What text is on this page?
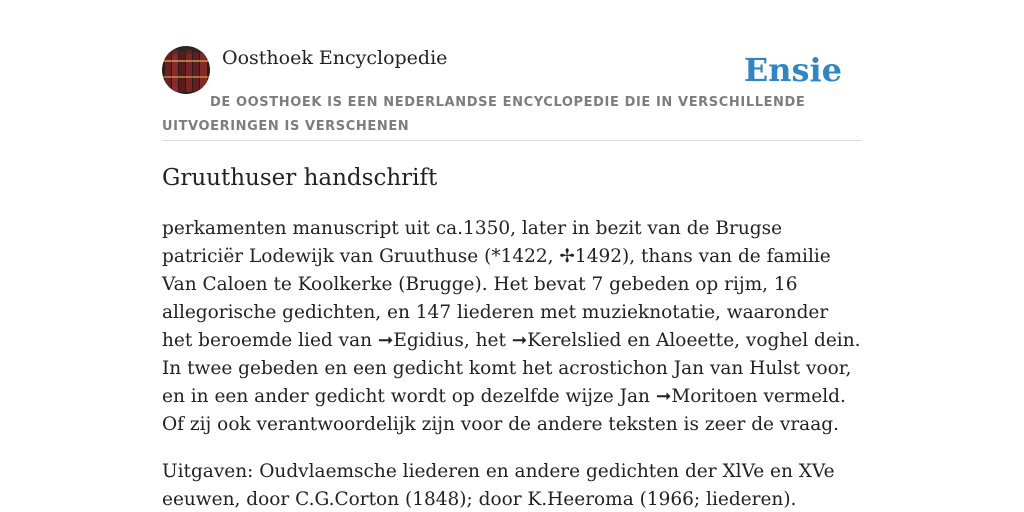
Oosthoek Encyclopedie	Ensie
DE OOSTHOEK IS EEN NEDERLANDSE ENCYCLOPEDIE DIE IN VERSCHILLENDE UITVOERINGEN IS VERSCHENEN
Gruuthuser handschrift

perkamenten manuscript uit ca.1350, later in bezit van de Brugse patriciër Lodewijk van Gruuthuse (*1422, ✢1492), thans van de familie Van Caloen te Koolkerke (Brugge). Het bevat 7 gebeden op rijm, 16 allegorische gedichten, en 147 liederen met muzieknotatie, waaronder het beroemde lied van ➞Egidius, het ➞Kerelslied en Aloeette, voghel dein. In twee gebeden en een gedicht komt het acrostichon Jan van Hulst voor, en in een ander gedicht wordt op dezelfde wijze Jan ➞Moritoen vermeld. Of zij ook verantwoordelijk zijn voor de andere teksten is zeer de vraag.

Uitgaven: Oudvlaemsche liederen en andere gedichten der XlVe en XVe eeuwen, door C.G.Corton (1848); door K.Heeroma (1966; liederen).
